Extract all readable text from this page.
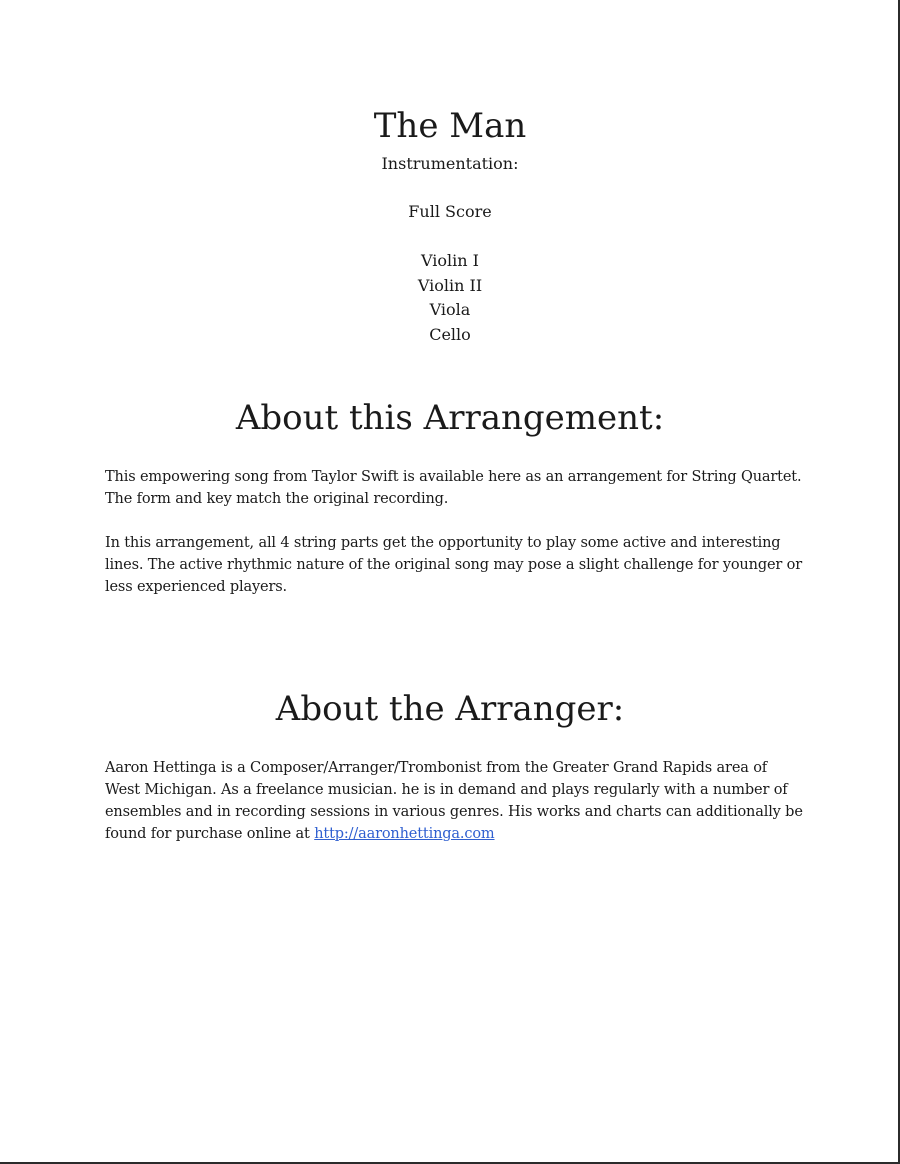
The Man
Instrumentation:
Full Score
Violin I
Violin II
Viola
Cello
About this Arrangement:

This empowering song from Taylor Swift is available here as an arrangement for String Quartet.
The form and key match the original recording.

In this arrangement, all 4 string parts get the opportunity to play some active and interesting
lines. The active rhythmic nature of the original song may pose a slight challenge for younger or
less experienced players.

About the Arranger:

Aaron Hettinga is a Composer/Arranger/Trombonist from the Greater Grand Rapids area of
West Michigan. As a freelance musician. he is in demand and plays regularly with a number of
ensembles and in recording sessions in various genres. His works and charts can additionally be
found for purchase online at http://aaronhettinga.com
